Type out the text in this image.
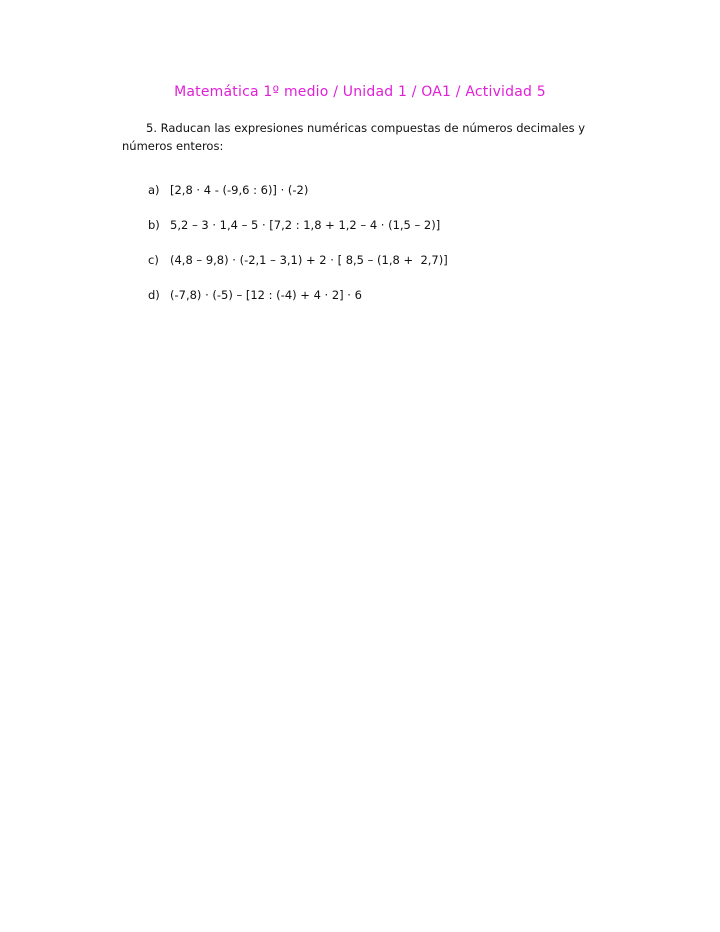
Matemática 1º medio / Unidad 1 / OA1 / Actividad 5
5. Raducan las expresiones numéricas compuestas de números decimales y números enteros:
a) [2,8 · 4 - (-9,6 : 6)] · (-2)
b) 5,2 – 3 · 1,4 – 5 · [7,2 : 1,8 + 1,2 – 4 · (1,5 – 2)]
c) (4,8 – 9,8) · (-2,1 – 3,1) + 2 · [ 8,5 – (1,8 +  2,7)]
d) (-7,8) · (-5) – [12 : (-4) + 4 · 2] · 6
